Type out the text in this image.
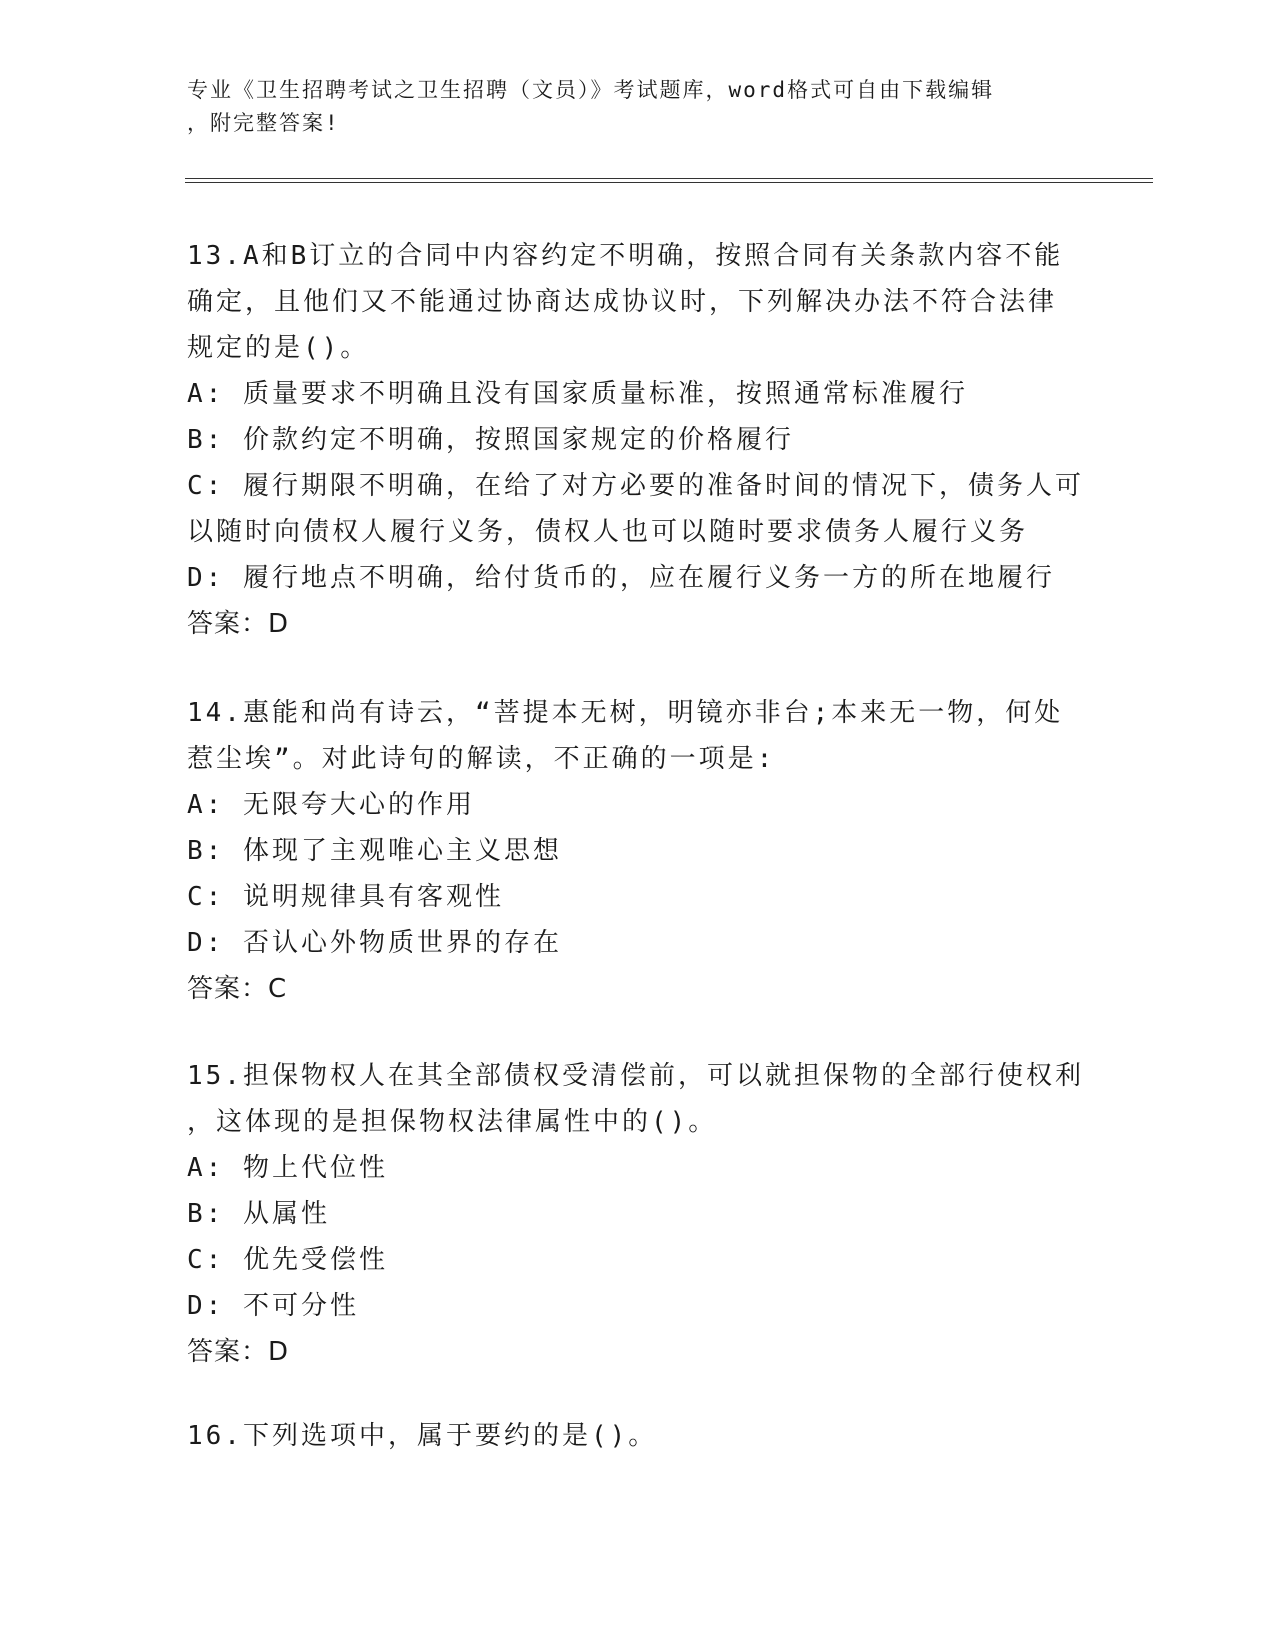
专业《卫生招聘考试之卫生招聘（文员）》考试题库，word格式可自由下载编辑
，附完整答案!
13.A和B订立的合同中内容约定不明确，按照合同有关条款内容不能
确定，且他们又不能通过协商达成协议时，下列解决办法不符合法律
规定的是()。
A: 质量要求不明确且没有国家质量标准，按照通常标准履行
B: 价款约定不明确，按照国家规定的价格履行
C: 履行期限不明确，在给了对方必要的准备时间的情况下，债务人可
以随时向债权人履行义务，债权人也可以随时要求债务人履行义务
D: 履行地点不明确，给付货币的，应在履行义务一方的所在地履行
答案：D
14.惠能和尚有诗云，“菩提本无树，明镜亦非台;本来无一物，何处
惹尘埃”。对此诗句的解读，不正确的一项是:
A: 无限夸大心的作用
B: 体现了主观唯心主义思想
C: 说明规律具有客观性
D: 否认心外物质世界的存在
答案：C
15.担保物权人在其全部债权受清偿前，可以就担保物的全部行使权利
，这体现的是担保物权法律属性中的()。
A: 物上代位性
B: 从属性
C: 优先受偿性
D: 不可分性
答案：D
16.下列选项中，属于要约的是()。
